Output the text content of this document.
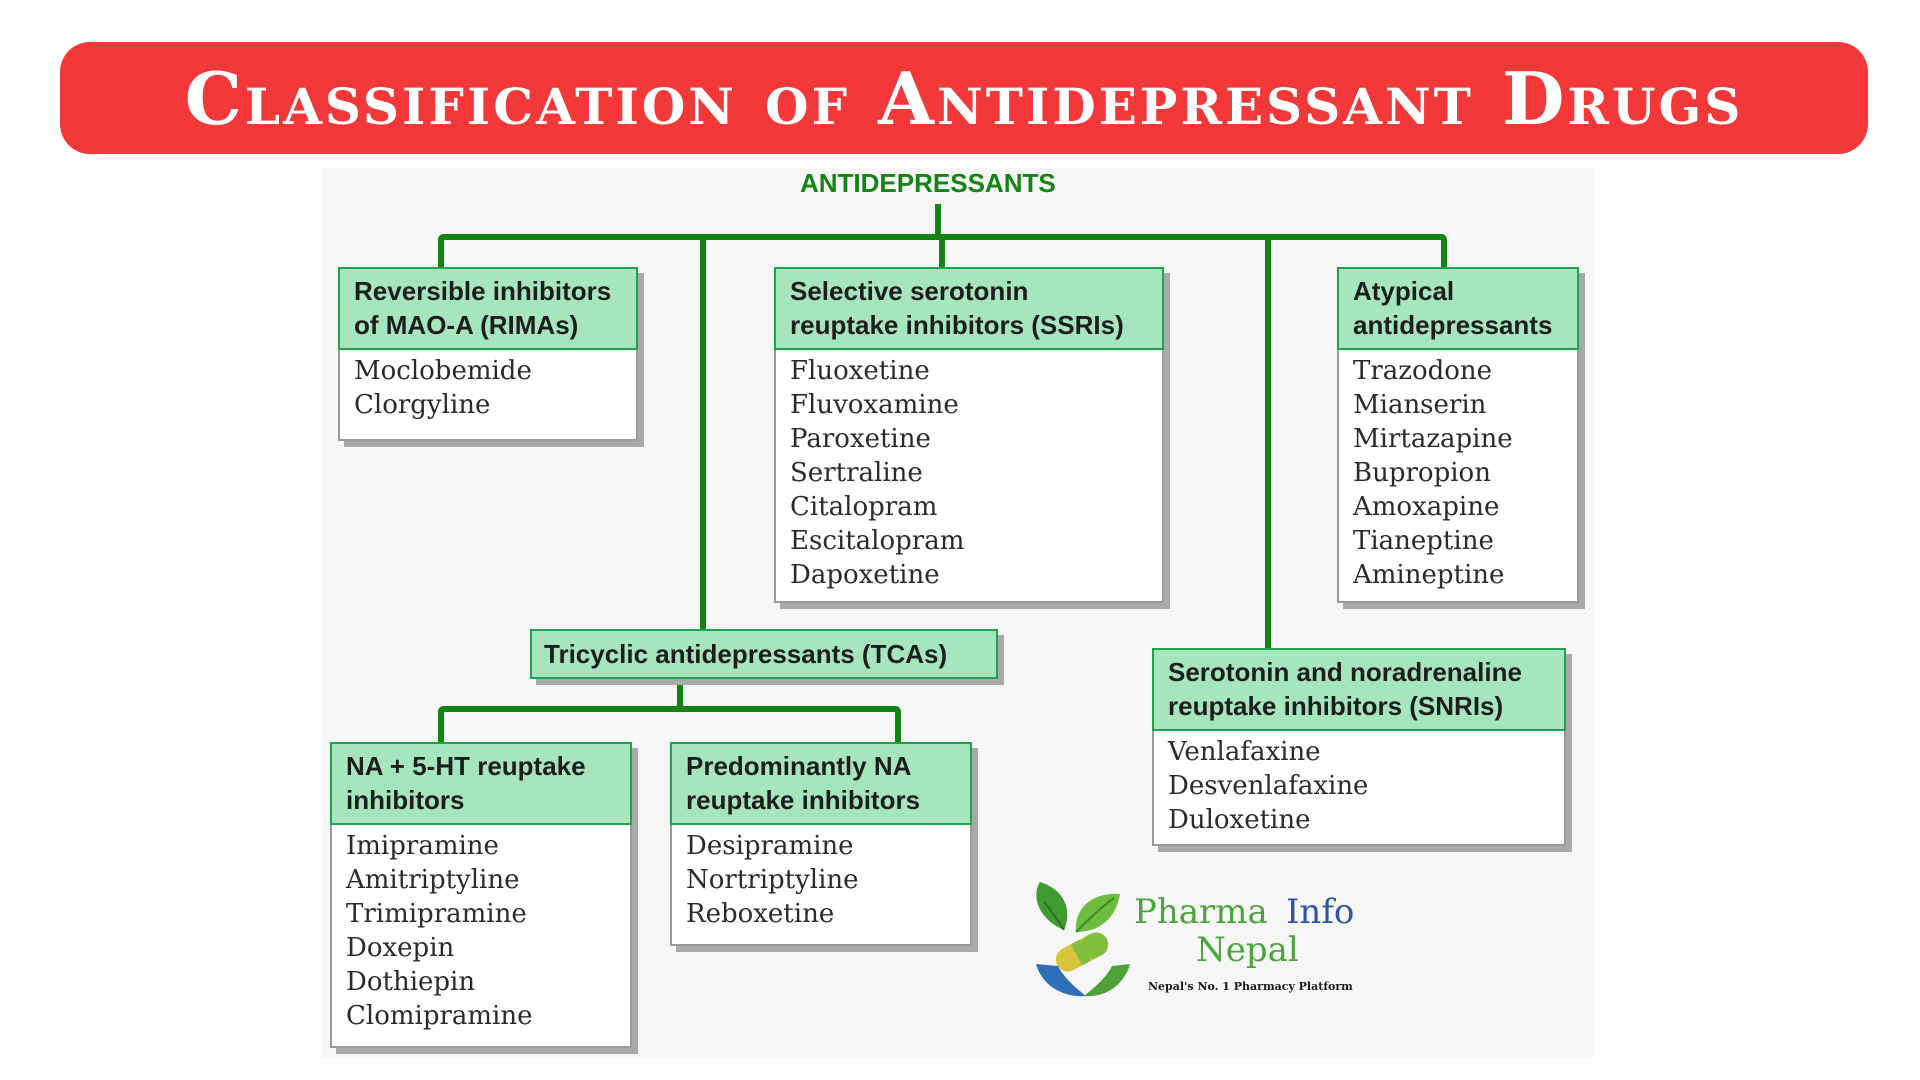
Classification of Antidepressant Drugs
ANTIDEPRESSANTS
Reversible inhibitors
of MAO-A (RIMAs)
Moclobemide
Clorgyline
Selective serotonin
reuptake inhibitors (SSRIs)
Fluoxetine
Fluvoxamine
Paroxetine
Sertraline
Citalopram
Escitalopram
Dapoxetine
Atypical
antidepressants
Trazodone
Mianserin
Mirtazapine
Bupropion
Amoxapine
Tianeptine
Amineptine
Tricyclic antidepressants (TCAs)
Serotonin and noradrenaline
reuptake inhibitors (SNRIs)
Venlafaxine
Desvenlafaxine
Duloxetine
NA + 5-HT reuptake
inhibitors
Imipramine
Amitriptyline
Trimipramine
Doxepin
Dothiepin
Clomipramine
Predominantly NA
reuptake inhibitors
Desipramine
Nortriptyline
Reboxetine	Pharma Info
Nepal
Nepal's No. 1 Pharmacy Platform
